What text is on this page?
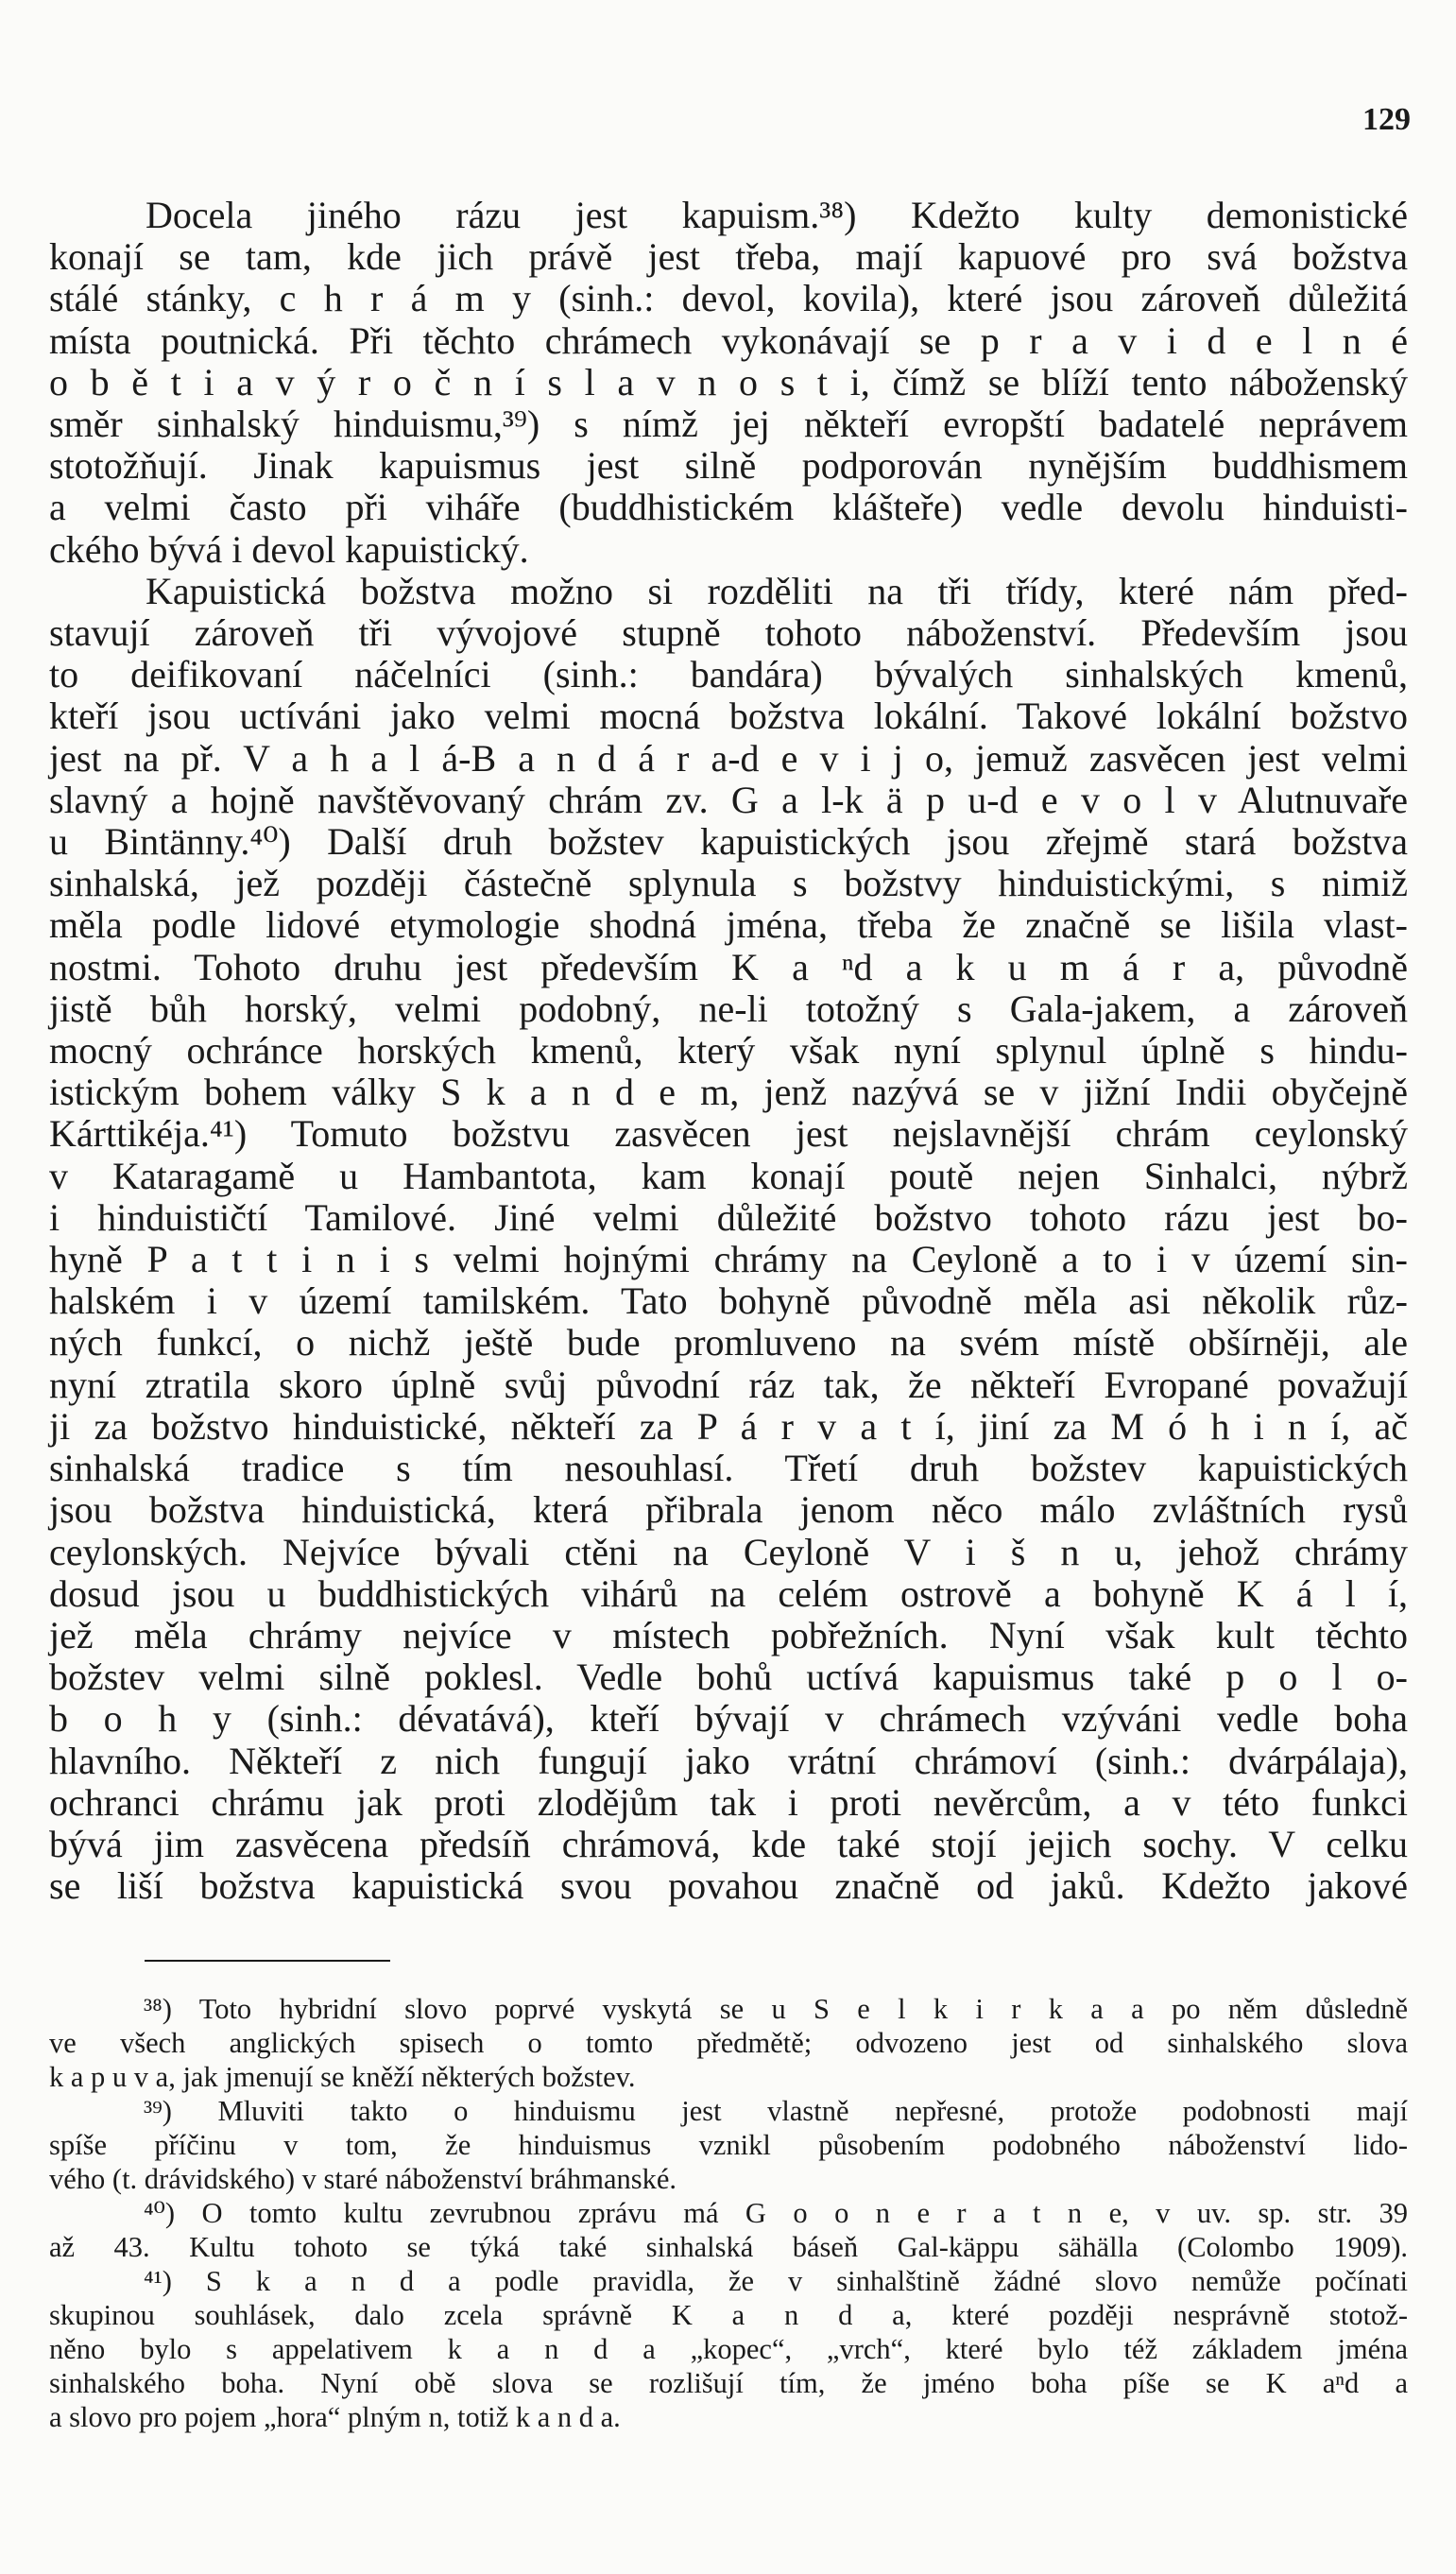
129
Docela jiného rázu jest kapuism.³⁸) Kdežto kulty demonistické
konají se tam, kde jich právě jest třeba, mají kapuové pro svá božstva
stálé stánky, c h r á m y (sinh.: devol, kovila), které jsou zároveň důležitá
místa poutnická. Při těchto chrámech vykonávají se p r a v i d e l n é
o b ě t i a v ý r o č n í s l a v n o s t i, čímž se blíží tento náboženský
směr sinhalský hinduismu,³⁹) s nímž jej někteří evropští badatelé neprávem
stotožňují. Jinak kapuismus jest silně podporován nynějším buddhismem
a velmi často při viháře (buddhistickém klášteře) vedle devolu hinduisti-
ckého bývá i devol kapuistický.
Kapuistická božstva možno si rozděliti na tři třídy, které nám před-
stavují zároveň tři vývojové stupně tohoto náboženství. Především jsou
to deifikovaní náčelníci (sinh.: bandára) bývalých sinhalských kmenů,
kteří jsou uctíváni jako velmi mocná božstva lokální. Takové lokální božstvo
jest na př. V a h a l á-B a n d á r a-d e v i j o, jemuž zasvěcen jest velmi
slavný a hojně navštěvovaný chrám zv. G a l-k ä p u-d e v o l v Alutnuvaře
u Bintänny.⁴⁰) Další druh božstev kapuistických jsou zřejmě stará božstva
sinhalská, jež později částečně splynula s božstvy hinduistickými, s nimiž
měla podle lidové etymologie shodná jména, třeba že značně se lišila vlast-
nostmi. Tohoto druhu jest především K a ⁿd a k u m á r a, původně
jistě bůh horský, velmi podobný, ne-li totožný s Gala-jakem, a zároveň
mocný ochránce horských kmenů, který však nyní splynul úplně s hindu-
istickým bohem války S k a n d e m, jenž nazývá se v jižní Indii obyčejně
Kárttikéja.⁴¹) Tomuto božstvu zasvěcen jest nejslavnější chrám ceylonský
v Kataragamě u Hambantota, kam konají poutě nejen Sinhalci, nýbrž
i hinduističtí Tamilové. Jiné velmi důležité božstvo tohoto rázu jest bo-
hyně P a t t i n i s velmi hojnými chrámy na Ceyloně a to i v území sin-
halském i v území tamilském. Tato bohyně původně měla asi několik růz-
ných funkcí, o nichž ještě bude promluveno na svém místě obšírněji, ale
nyní ztratila skoro úplně svůj původní ráz tak, že někteří Evropané považují
ji za božstvo hinduistické, někteří za P á r v a t í, jiní za M ó h i n í, ač
sinhalská tradice s tím nesouhlasí. Třetí druh božstev kapuistických
jsou božstva hinduistická, která přibrala jenom něco málo zvláštních rysů
ceylonských. Nejvíce bývali ctěni na Ceyloně V i š n u, jehož chrámy
dosud jsou u buddhistických vihárů na celém ostrově a bohyně K á l í,
jež měla chrámy nejvíce v místech pobřežních. Nyní však kult těchto
božstev velmi silně poklesl. Vedle bohů uctívá kapuismus také p o l o-
b o h y (sinh.: dévatává), kteří bývají v chrámech vzýváni vedle boha
hlavního. Někteří z nich fungují jako vrátní chrámoví (sinh.: dvárpálaja),
ochranci chrámu jak proti zlodějům tak i proti nevěrcům, a v této funkci
bývá jim zasvěcena předsíň chrámová, kde také stojí jejich sochy. V celku
se liší božstva kapuistická svou povahou značně od jaků. Kdežto jakové
³⁸) Toto hybridní slovo poprvé vyskytá se u S e l k i r k a a po něm důsledně
ve všech anglických spisech o tomto předmětě; odvozeno jest od sinhalského slova
k a p u v a, jak jmenují se kněží některých božstev.
³⁹) Mluviti takto o hinduismu jest vlastně nepřesné, protože podobnosti mají
spíše příčinu v tom, že hinduismus vznikl působením podobného náboženství lido-
vého (t. drávidského) v staré náboženství bráhmanské.
⁴⁰) O tomto kultu zevrubnou zprávu má G o o n e r a t n e, v uv. sp. str. 39
až 43. Kultu tohoto se týká také sinhalská báseň Gal-käppu sähälla (Colombo 1909).
⁴¹) S k a n d a podle pravidla, že v sinhalštině žádné slovo nemůže počínati
skupinou souhlásek, dalo zcela správně K a n d a, které později nesprávně stotož-
něno bylo s appelativem k a n d a „kopec“, „vrch“, které bylo též základem jména
sinhalského boha. Nyní obě slova se rozlišují tím, že jméno boha píše se K aⁿd a
a slovo pro pojem „hora“ plným n, totiž k a n d a.
